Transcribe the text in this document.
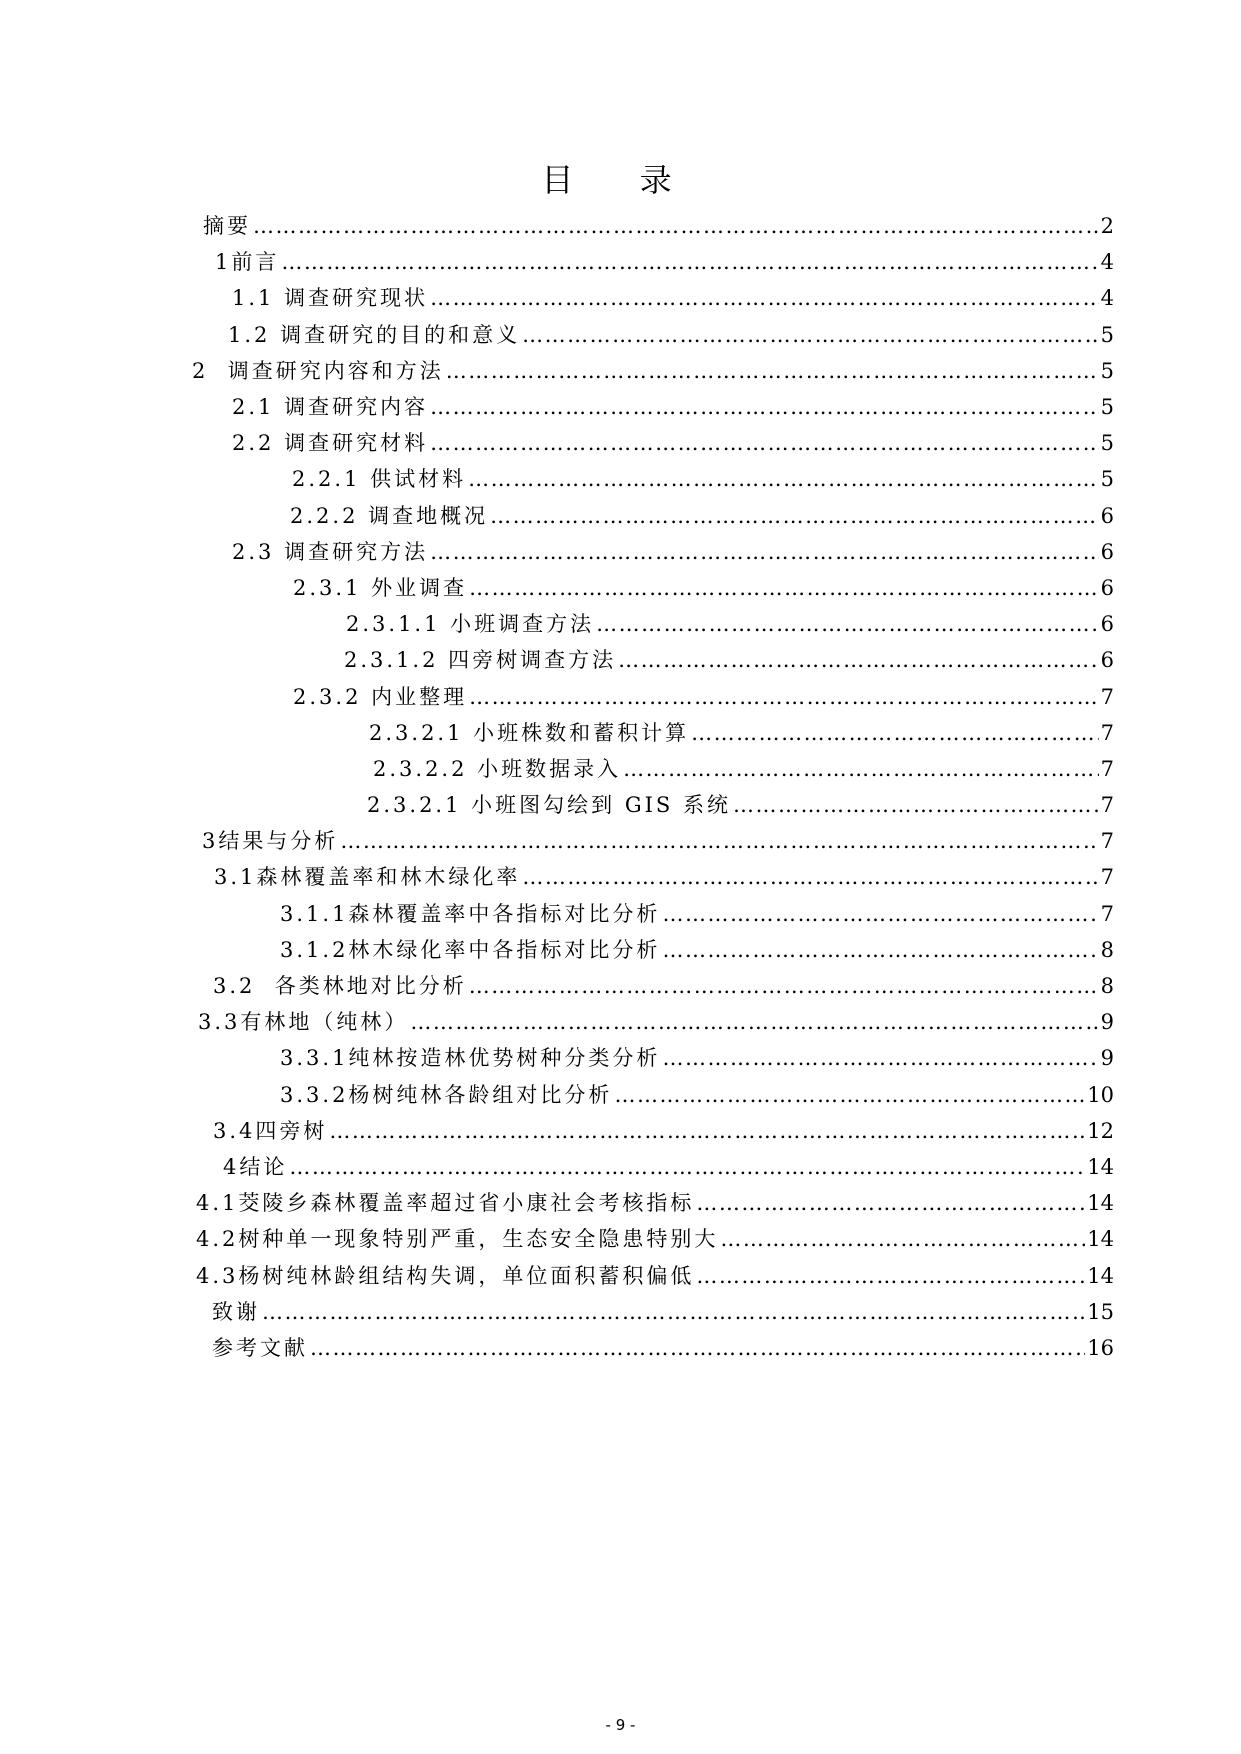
目 录
摘要 ……………………………………………………………………………………………………………………………………………………………………………	2
1前言 ……………………………………………………………………………………………………………………………………………………………………………	4
1.1 调查研究现状 ……………………………………………………………………………………………………………………………………………………………………………	4
1.2 调查研究的目的和意义 ……………………………………………………………………………………………………………………………………………………………………………	5
2  调查研究内容和方法 ……………………………………………………………………………………………………………………………………………………………………………	5
2.1 调查研究内容 ……………………………………………………………………………………………………………………………………………………………………………	5
2.2 调查研究材料 ……………………………………………………………………………………………………………………………………………………………………………	5
2.2.1 供试材料 ……………………………………………………………………………………………………………………………………………………………………………	5
2.2.2 调查地概况 ……………………………………………………………………………………………………………………………………………………………………………	6
2.3 调查研究方法 ……………………………………………………………………………………………………………………………………………………………………………	6
2.3.1 外业调查 ……………………………………………………………………………………………………………………………………………………………………………	6
2.3.1.1 小班调查方法 ……………………………………………………………………………………………………………………………………………………………………………	6
2.3.1.2 四旁树调查方法 ……………………………………………………………………………………………………………………………………………………………………………	6
2.3.2 内业整理 ……………………………………………………………………………………………………………………………………………………………………………	7
2.3.2.1 小班株数和蓄积计算 ……………………………………………………………………………………………………………………………………………………………………………	7
2.3.2.2 小班数据录入 ……………………………………………………………………………………………………………………………………………………………………………	7
2.3.2.1 小班图勾绘到 GIS 系统 ……………………………………………………………………………………………………………………………………………………………………………	7
3结果与分析 ……………………………………………………………………………………………………………………………………………………………………………	7
3.1森林覆盖率和林木绿化率 ……………………………………………………………………………………………………………………………………………………………………………	7
3.1.1森林覆盖率中各指标对比分析 ……………………………………………………………………………………………………………………………………………………………………………	7
3.1.2林木绿化率中各指标对比分析 ……………………………………………………………………………………………………………………………………………………………………………	8
3.2  各类林地对比分析 ……………………………………………………………………………………………………………………………………………………………………………	8
3.3有林地（纯林） ……………………………………………………………………………………………………………………………………………………………………………	9
3.3.1纯林按造林优势树种分类分析 ……………………………………………………………………………………………………………………………………………………………………………	9
3.3.2杨树纯林各龄组对比分析 ……………………………………………………………………………………………………………………………………………………………………………	10
3.4四旁树 ……………………………………………………………………………………………………………………………………………………………………………	12
4结论 ……………………………………………………………………………………………………………………………………………………………………………	14
4.1茭陵乡森林覆盖率超过省小康社会考核指标 ……………………………………………………………………………………………………………………………………………………………………………	14
4.2树种单一现象特别严重，生态安全隐患特别大 ……………………………………………………………………………………………………………………………………………………………………………	14
4.3杨树纯林龄组结构失调，单位面积蓄积偏低 ……………………………………………………………………………………………………………………………………………………………………………	14
致谢 ……………………………………………………………………………………………………………………………………………………………………………	15
参考文献 ……………………………………………………………………………………………………………………………………………………………………………	16
- 9 -
